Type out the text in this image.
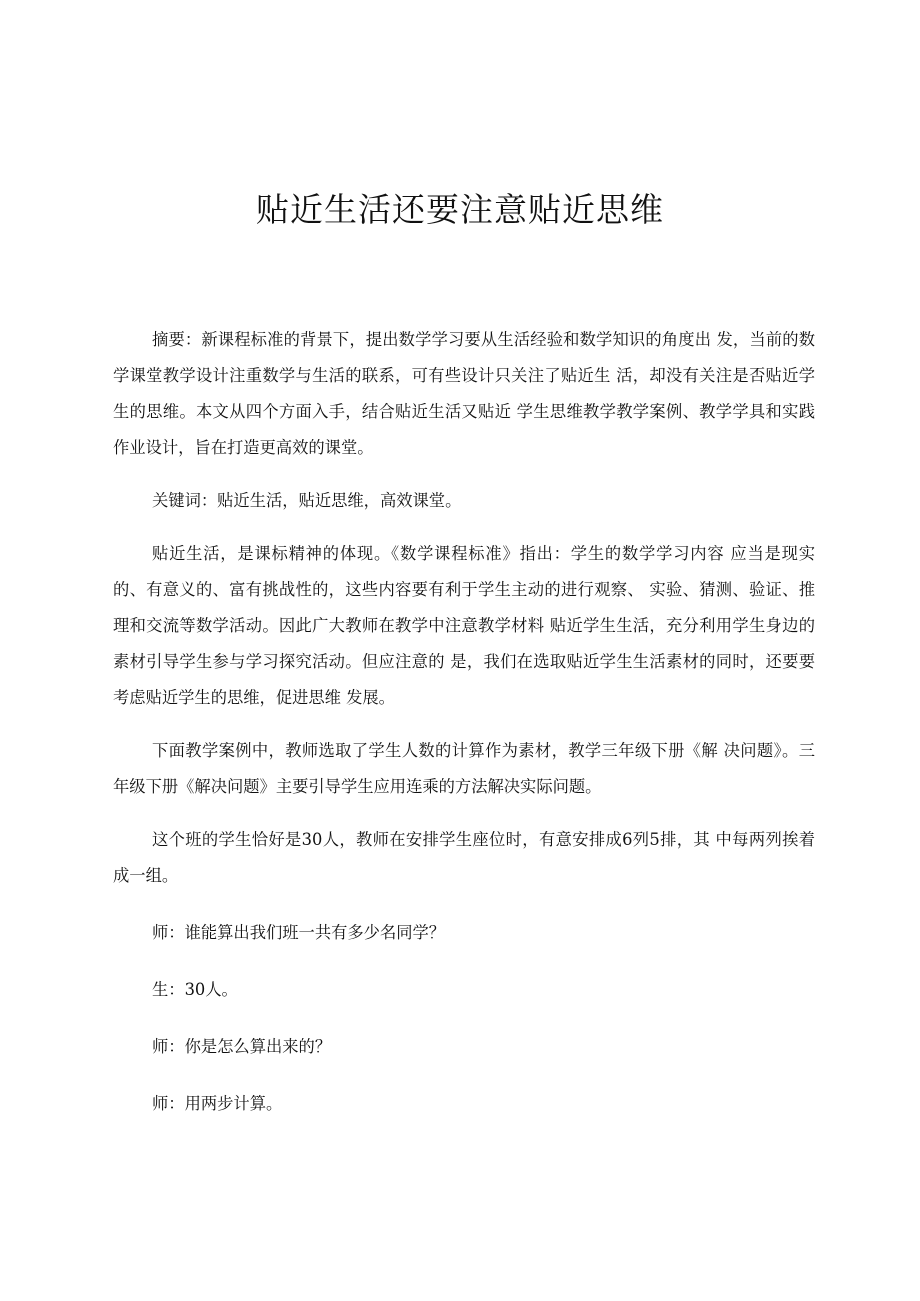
贴近生活还要注意贴近思维

摘要：新课程标准的背景下，提出数学学习要从生活经验和数学知识的角度出 发，当前的数学课堂教学设计注重数学与生活的联系，可有些设计只关注了贴近生 活，却没有关注是否贴近学生的思维。本文从四个方面入手，结合贴近生活又贴近 学生思维教学教学案例、教学学具和实践作业设计，旨在打造更高效的课堂。

关键词：贴近生活，贴近思维，高效课堂。

贴近生活，是课标精神的体现。《数学课程标准》指出：学生的数学学习内容 应当是现实的、有意义的、富有挑战性的，这些内容要有利于学生主动的进行观察、 实验、猜测、验证、推理和交流等数学活动。因此广大教师在教学中注意教学材料 贴近学生生活，充分利用学生身边的素材引导学生参与学习探究活动。但应注意的 是，我们在选取贴近学生生活素材的同时，还要要考虑贴近学生的思维，促进思维 发展。

下面教学案例中，教师选取了学生人数的计算作为素材，教学三年级下册《解 决问题》。三年级下册《解决问题》主要引导学生应用连乘的方法解决实际问题。

这个班的学生恰好是30人，教师在安排学生座位时，有意安排成6列5排，其 中每两列挨着成一组。

师：谁能算出我们班一共有多少名同学？

生：30人。

师：你是怎么算出来的？

师：用两步计算。
